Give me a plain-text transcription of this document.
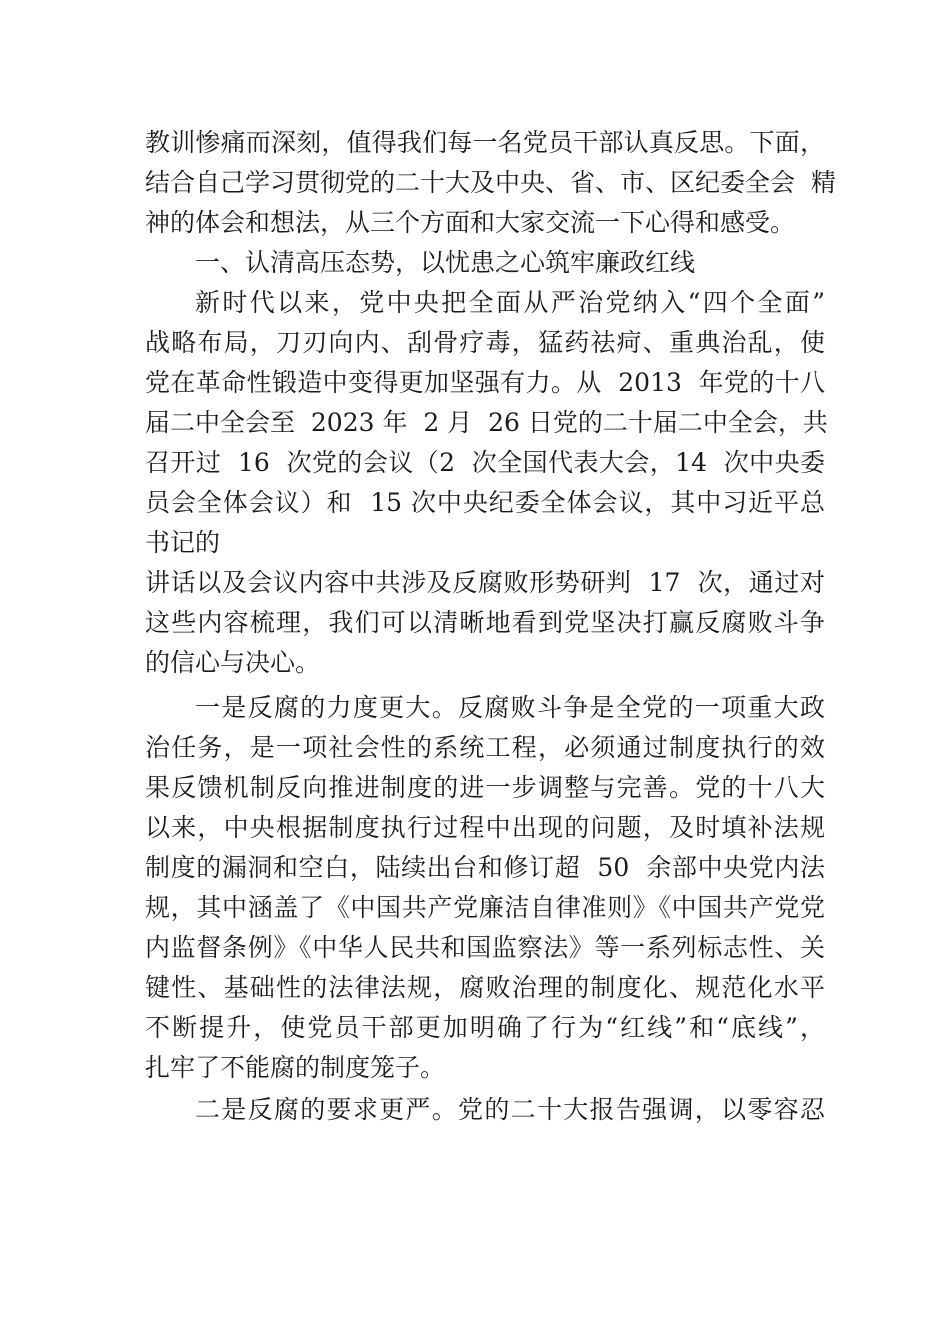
教训惨痛而深刻，值得我们每一名党员干部认真反思。下面，
结合自己学习贯彻党的二十大及中央、省、市、区纪委全会  精
神的体会和想法，从三个方面和大家交流一下心得和感受。
一、认清高压态势，以忧患之心筑牢廉政红线
新时代以来，党中央把全面从严治党纳入“四个全面”
战略布局，刀刃向内、刮骨疗毒，猛药祛疴、重典治乱，使
党在革命性锻造中变得更加坚强有力。从  2013  年党的十八
届二中全会至  2023 年  2 月  26 日党的二十届二中全会，共
召开过  16  次党的会议（2  次全国代表大会，14  次中央委
员会全体会议）和  15 次中央纪委全体会议，其中习近平总
书记的
讲话以及会议内容中共涉及反腐败形势研判  17  次，通过对
这些内容梳理，我们可以清晰地看到党坚决打赢反腐败斗争
的信心与决心。
一是反腐的力度更大。反腐败斗争是全党的一项重大政
治任务，是一项社会性的系统工程，必须通过制度执行的效
果反馈机制反向推进制度的进一步调整与完善。党的十八大
以来，中央根据制度执行过程中出现的问题，及时填补法规
制度的漏洞和空白，陆续出台和修订超  50  余部中央党内法
规，其中涵盖了《中国共产党廉洁自律准则》《中国共产党党
内监督条例》《中华人民共和国监察法》等一系列标志性、关
键性、基础性的法律法规，腐败治理的制度化、规范化水平
不断提升，使党员干部更加明确了行为“红线”和“底线”，
扎牢了不能腐的制度笼子。
二是反腐的要求更严。党的二十大报告强调，以零容忍
